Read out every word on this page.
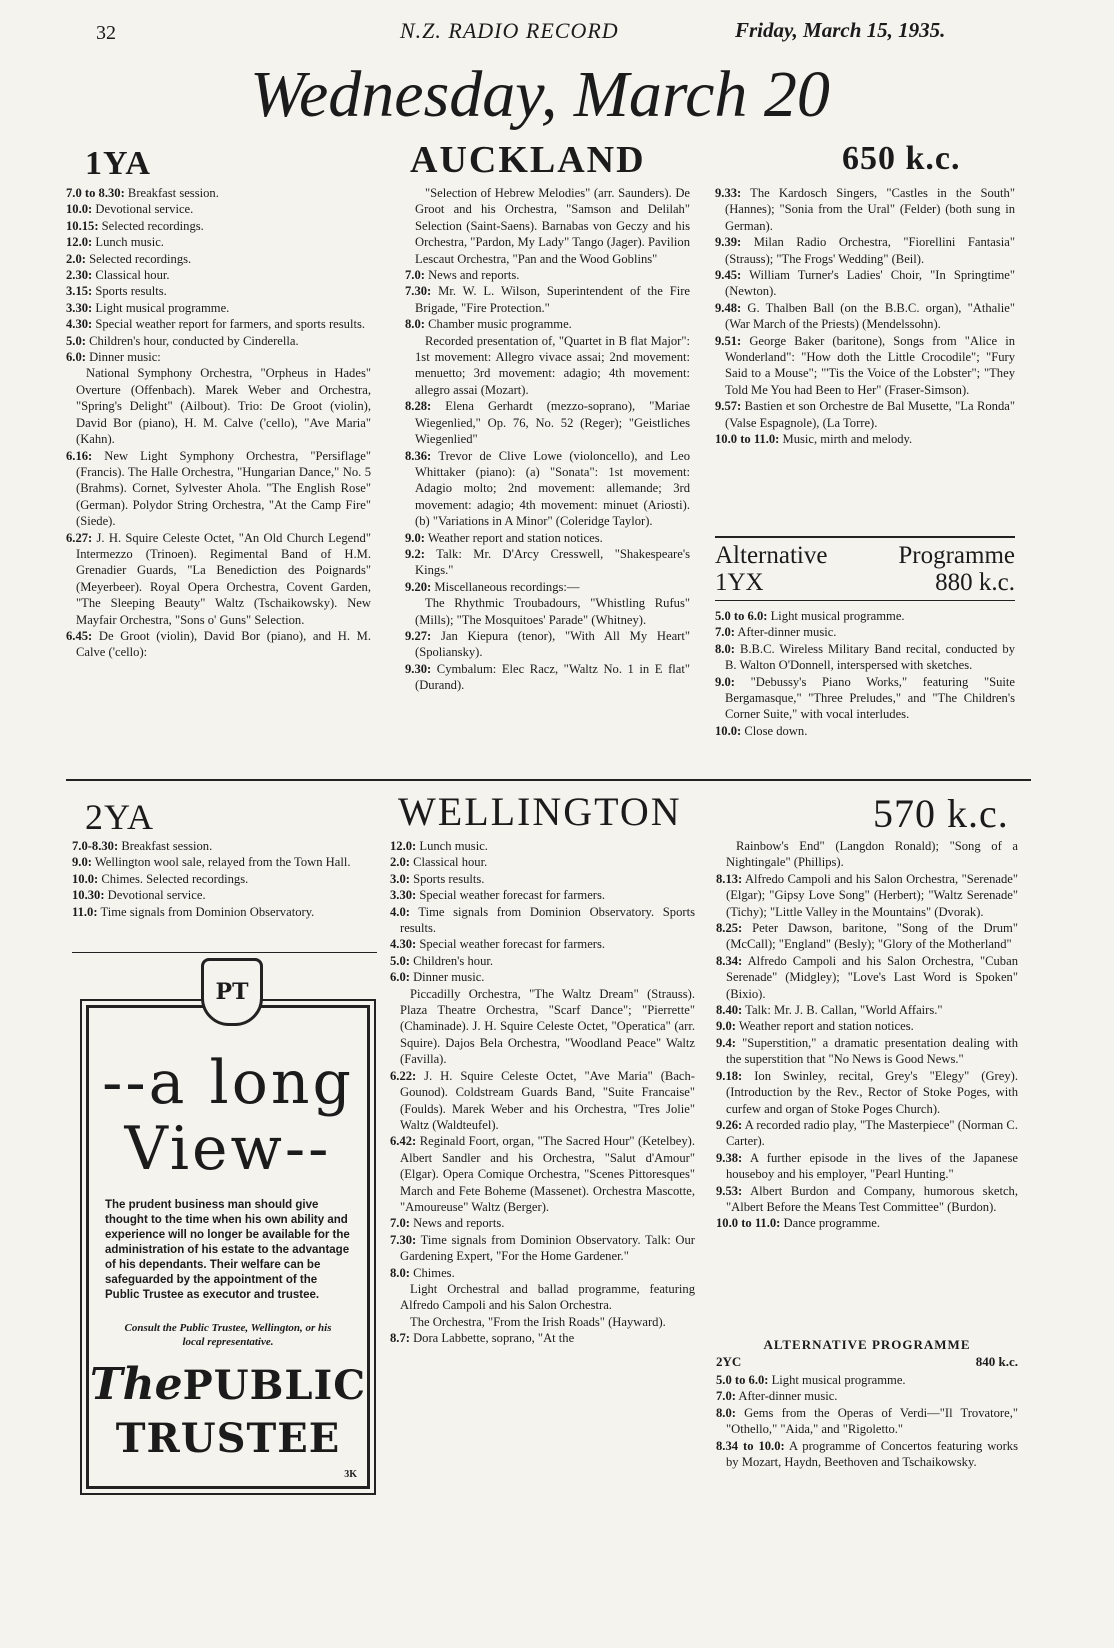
32	N.Z. RADIO RECORD	Friday, March 15, 1935.
Wednesday, March 20
1YA	AUCKLAND	650 k.c.

7.0 to 8.30: Breakfast session.

10.0: Devotional service.

10.15: Selected recordings.

12.0: Lunch music.

2.0: Selected recordings.

2.30: Classical hour.

3.15: Sports results.

3.30: Light musical programme.

4.30: Special weather report for farmers, and sports results.

5.0: Children's hour, conducted by Cinderella.

6.0: Dinner music:

National Symphony Orchestra, "Orpheus in Hades" Overture (Offenbach). Marek Weber and Orchestra, "Spring's Delight" (Ailbout). Trio: De Groot (violin), David Bor (piano), H. M. Calve ('cello), "Ave Maria" (Kahn).

6.16: New Light Symphony Orchestra, "Persiflage" (Francis). The Halle Orchestra, "Hungarian Dance," No. 5 (Brahms). Cornet, Sylvester Ahola. "The English Rose" (German). Polydor String Orchestra, "At the Camp Fire" (Siede).

6.27: J. H. Squire Celeste Octet, "An Old Church Legend" Intermezzo (Trinoen). Regimental Band of H.M. Grenadier Guards, "La Benediction des Poignards" (Meyerbeer). Royal Opera Orchestra, Covent Garden, "The Sleeping Beauty" Waltz (Tschaikowsky). New Mayfair Orchestra, "Sons o' Guns" Selection.

6.45: De Groot (violin), David Bor (piano), and H. M. Calve ('cello):

"Selection of Hebrew Melodies" (arr. Saunders). De Groot and his Orchestra, "Samson and Delilah" Selection (Saint-Saens). Barnabas von Geczy and his Orchestra, "Pardon, My Lady" Tango (Jager). Pavilion Lescaut Orchestra, "Pan and the Wood Goblins"

7.0: News and reports.

7.30: Mr. W. L. Wilson, Superintendent of the Fire Brigade, "Fire Protection."

8.0: Chamber music programme.

Recorded presentation of, "Quartet in B flat Major": 1st movement: Allegro vivace assai; 2nd movement: menuetto; 3rd movement: adagio; 4th movement: allegro assai (Mozart).

8.28: Elena Gerhardt (mezzo-soprano), "Mariae Wiegenlied," Op. 76, No. 52 (Reger); "Geistliches Wiegenlied"

8.36: Trevor de Clive Lowe (violoncello), and Leo Whittaker (piano): (a) "Sonata": 1st movement: Adagio molto; 2nd movement: allemande; 3rd movement: adagio; 4th movement: minuet (Ariosti). (b) "Variations in A Minor" (Coleridge Taylor).

9.0: Weather report and station notices.

9.2: Talk: Mr. D'Arcy Cresswell, "Shakespeare's Kings."

9.20: Miscellaneous recordings:—

The Rhythmic Troubadours, "Whistling Rufus" (Mills); "The Mosquitoes' Parade" (Whitney).

9.27: Jan Kiepura (tenor), "With All My Heart" (Spoliansky).

9.30: Cymbalum: Elec Racz, "Waltz No. 1 in E flat" (Durand).

9.33: The Kardosch Singers, "Castles in the South" (Hannes); "Sonia from the Ural" (Felder) (both sung in German).

9.39: Milan Radio Orchestra, "Fiorellini Fantasia" (Strauss); "The Frogs' Wedding" (Beil).

9.45: William Turner's Ladies' Choir, "In Springtime" (Newton).

9.48: G. Thalben Ball (on the B.B.C. organ), "Athalie" (War March of the Priests) (Mendelssohn).

9.51: George Baker (baritone), Songs from "Alice in Wonderland": "How doth the Little Crocodile"; "Fury Said to a Mouse"; "'Tis the Voice of the Lobster"; "They Told Me You had Been to Her" (Fraser-Simson).

9.57: Bastien et son Orchestre de Bal Musette, "La Ronda" (Valse Espagnole), (La Torre).

10.0 to 11.0: Music, mirth and melody.

Alternative	Programme
1YX	880 k.c.

5.0 to 6.0: Light musical programme.

7.0: After-dinner music.

8.0: B.B.C. Wireless Military Band recital, conducted by B. Walton O'Donnell, interspersed with sketches.

9.0: "Debussy's Piano Works," featuring "Suite Bergamasque," "Three Preludes," and "The Children's Corner Suite," with vocal interludes.

10.0: Close down.

2YA	WELLINGTON	570 k.c.

7.0-8.30: Breakfast session.

9.0: Wellington wool sale, relayed from the Town Hall.

10.0: Chimes. Selected recordings.

10.30: Devotional service.

11.0: Time signals from Dominion Observatory.

12.0: Lunch music.

2.0: Classical hour.

3.0: Sports results.

3.30: Special weather forecast for farmers.

4.0: Time signals from Dominion Observatory. Sports results.

4.30: Special weather forecast for farmers.

5.0: Children's hour.

6.0: Dinner music.

Piccadilly Orchestra, "The Waltz Dream" (Strauss). Plaza Theatre Orchestra, "Scarf Dance"; "Pierrette" (Chaminade). J. H. Squire Celeste Octet, "Operatica" (arr. Squire). Dajos Bela Orchestra, "Woodland Peace" Waltz (Favilla).

6.22: J. H. Squire Celeste Octet, "Ave Maria" (Bach-Gounod). Coldstream Guards Band, "Suite Francaise" (Foulds). Marek Weber and his Orchestra, "Tres Jolie" Waltz (Waldteufel).

6.42: Reginald Foort, organ, "The Sacred Hour" (Ketelbey). Albert Sandler and his Orchestra, "Salut d'Amour" (Elgar). Opera Comique Orchestra, "Scenes Pittoresques" March and Fete Boheme (Massenet). Orchestra Mascotte, "Amoureuse" Waltz (Berger).

7.0: News and reports.

7.30: Time signals from Dominion Observatory. Talk: Our Gardening Expert, "For the Home Gardener."

8.0: Chimes.

Light Orchestral and ballad programme, featuring Alfredo Campoli and his Salon Orchestra.

The Orchestra, "From the Irish Roads" (Hayward).

8.7: Dora Labbette, soprano, "At the

Rainbow's End" (Langdon Ronald); "Song of a Nightingale" (Phillips).

8.13: Alfredo Campoli and his Salon Orchestra, "Serenade" (Elgar); "Gipsy Love Song" (Herbert); "Waltz Serenade" (Tichy); "Little Valley in the Mountains" (Dvorak).

8.25: Peter Dawson, baritone, "Song of the Drum" (McCall); "England" (Besly); "Glory of the Motherland"

8.34: Alfredo Campoli and his Salon Orchestra, "Cuban Serenade" (Midgley); "Love's Last Word is Spoken" (Bixio).

8.40: Talk: Mr. J. B. Callan, "World Affairs."

9.0: Weather report and station notices.

9.4: "Superstition," a dramatic presentation dealing with the superstition that "No News is Good News."

9.18: Ion Swinley, recital, Grey's "Elegy" (Grey). (Introduction by the Rev., Rector of Stoke Poges, with curfew and organ of Stoke Poges Church).

9.26: A recorded radio play, "The Masterpiece" (Norman C. Carter).

9.38: A further episode in the lives of the Japanese houseboy and his employer, "Pearl Hunting."

9.53: Albert Burdon and Company, humorous sketch, "Albert Before the Means Test Committee" (Burdon).

10.0 to 11.0: Dance programme.

ALTERNATIVE PROGRAMME
2YC	840 k.c.

5.0 to 6.0: Light musical programme.

7.0: After-dinner music.

8.0: Gems from the Operas of Verdi—"Il Trovatore," "Othello," "Aida," and "Rigoletto."

8.34 to 10.0: A programme of Concertos featuring works by Mozart, Haydn, Beethoven and Tschaikowsky.

PT
--a long
View--
The prudent business man should give thought to the time when his own ability and experience will no longer be available for the administration of his estate to the advantage of his dependants. Their welfare can be safeguarded by the appointment of the Public Trustee as executor and trustee.
Consult the Public Trustee, Wellington, or his local representative.
ThePUBLIC
TRUSTEE
3K
